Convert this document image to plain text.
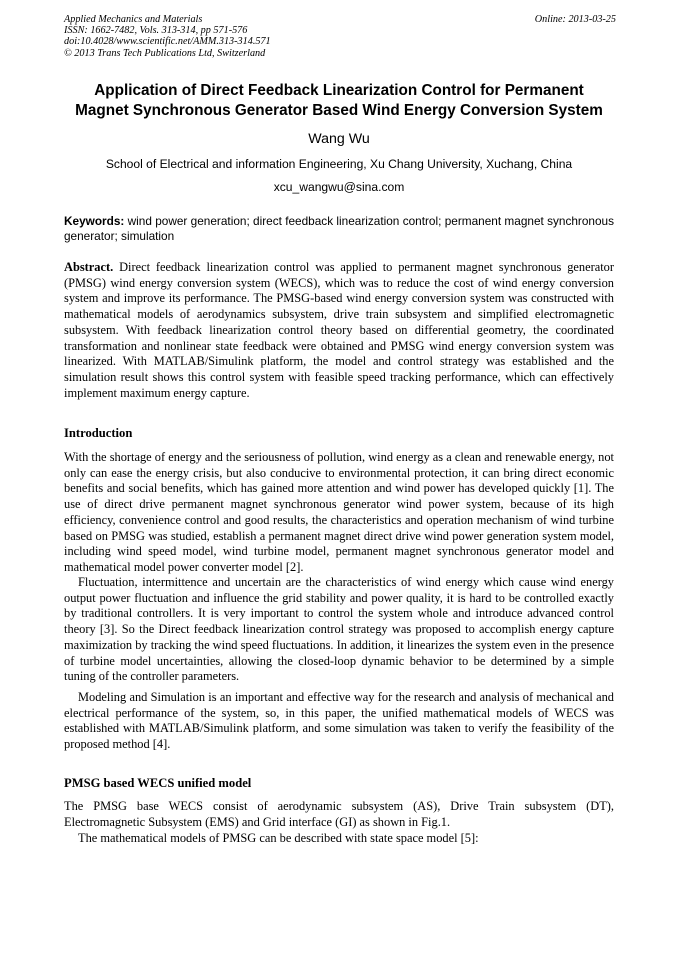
Applied Mechanics and Materials
ISSN: 1662-7482, Vols. 313-314, pp 571-576
doi:10.4028/www.scientific.net/AMM.313-314.571
© 2013 Trans Tech Publications Ltd, Switzerland
Online: 2013-03-25
Application of Direct Feedback Linearization Control for Permanent
Magnet Synchronous Generator Based Wind Energy Conversion System
Wang Wu
School of Electrical and information Engineering, Xu Chang University, Xuchang, China
xcu_wangwu@sina.com

Keywords: wind power generation; direct feedback linearization control; permanent magnet synchronous generator; simulation

Abstract. Direct feedback linearization control was applied to permanent magnet synchronous generator (PMSG) wind energy conversion system (WECS), which was to reduce the cost of wind energy conversion system and improve its performance. The PMSG-based wind energy conversion system was constructed with mathematical models of aerodynamics subsystem, drive train subsystem and simplified electromagnetic subsystem. With feedback linearization control theory based on differential geometry, the coordinated transformation and nonlinear state feedback were obtained and PMSG wind energy conversion system was linearized. With MATLAB/Simulink platform, the model and control strategy was established and the simulation result shows this control system with feasible speed tracking performance, which can effectively implement maximum energy capture.

Introduction

With the shortage of energy and the seriousness of pollution, wind energy as a clean and renewable energy, not only can ease the energy crisis, but also conducive to environmental protection, it can bring direct economic benefits and social benefits, which has gained more attention and wind power has developed quickly [1]. The use of direct drive permanent magnet synchronous generator wind power system, because of its high efficiency, convenience control and good results, the characteristics and operation mechanism of wind turbine based on PMSG was studied, establish a permanent magnet direct drive wind power generation system model, including wind speed model, wind turbine model, permanent magnet synchronous generator model and mathematical model power converter model [2].

Fluctuation, intermittence and uncertain are the characteristics of wind energy which cause wind energy output power fluctuation and influence the grid stability and power quality, it is hard to be controlled exactly by traditional controllers. It is very important to control the system whole and introduce advanced control theory [3]. So the Direct feedback linearization control strategy was proposed to accomplish energy capture maximization by tracking the wind speed fluctuations. In addition, it linearizes the system even in the presence of turbine model uncertainties, allowing the closed-loop dynamic behavior to be determined by a simple tuning of the controller parameters.

Modeling and Simulation is an important and effective way for the research and analysis of mechanical and electrical performance of the system, so, in this paper, the unified mathematical models of WECS was established with MATLAB/Simulink platform, and some simulation was taken to verify the feasibility of the proposed method [4].

PMSG based WECS unified model

The PMSG base WECS consist of aerodynamic subsystem (AS), Drive Train subsystem (DT), Electromagnetic Subsystem (EMS) and Grid interface (GI) as shown in Fig.1.

The mathematical models of PMSG can be described with state space model [5]:
